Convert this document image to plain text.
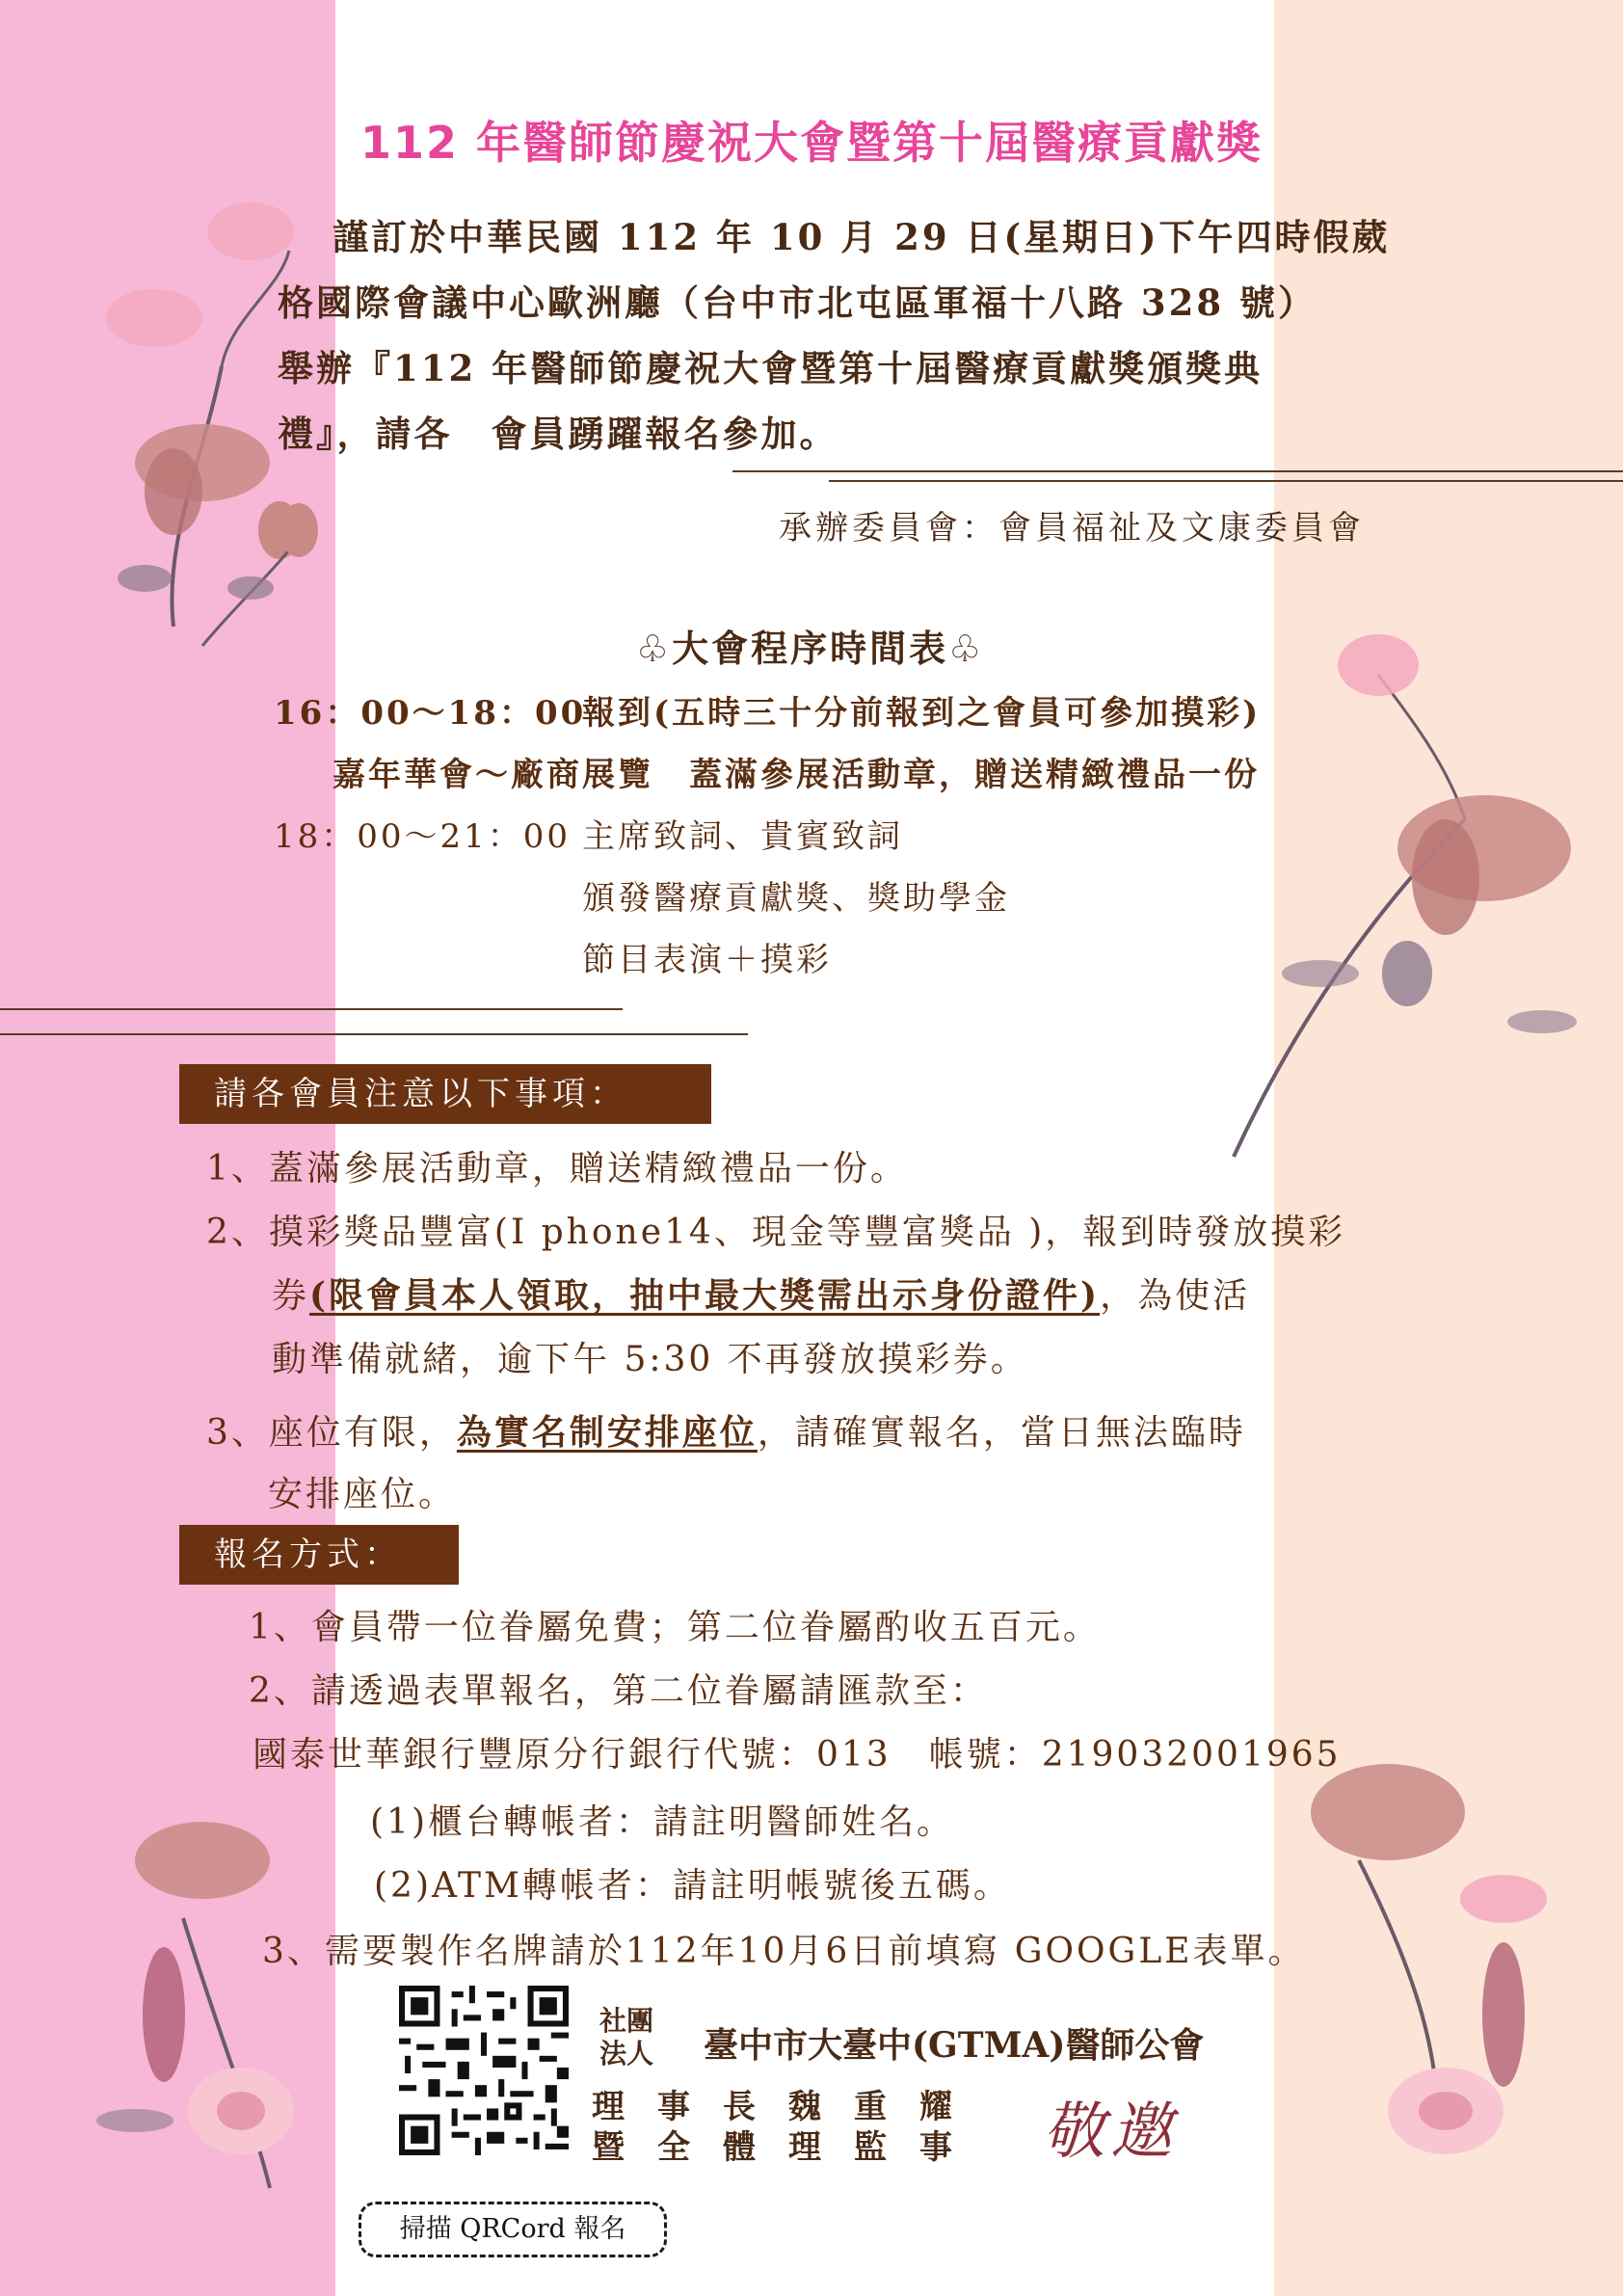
112 年醫師節慶祝大會暨第十屆醫療貢獻獎
謹訂於中華民國 112 年 10 月 29 日(星期日)下午四時假葳
格國際會議中心歐洲廳（台中市北屯區軍福十八路 328 號）
舉辦『112 年醫師節慶祝大會暨第十屆醫療貢獻獎頒獎典
禮』，請各　會員踴躍報名參加。
承辦委員會：會員福祉及文康委員會
♧大會程序時間表♧
16：00～18：00
報到(五時三十分前報到之會員可參加摸彩)
嘉年華會～廠商展覽　蓋滿參展活動章，贈送精緻禮品一份
18：00～21：00 主席致詞、貴賓致詞
頒發醫療貢獻獎、獎助學金
節目表演＋摸彩
請各會員注意以下事項：
1、蓋滿參展活動章，贈送精緻禮品一份。
2、摸彩獎品豐富(I phone14、現金等豐富獎品 )，報到時發放摸彩
券(限會員本人領取，抽中最大獎需出示身份證件)，為使活
動準備就緒，逾下午 5:30 不再發放摸彩券。
3、座位有限，為實名制安排座位，請確實報名，當日無法臨時
安排座位。
報名方式：
1、會員帶一位眷屬免費；第二位眷屬酌收五百元。
2、請透過表單報名，第二位眷屬請匯款至：
國泰世華銀行豐原分行銀行代號：013　帳號：219032001965
(1)櫃台轉帳者：請註明醫師姓名。
(2)ATM轉帳者：請註明帳號後五碼。
3、需要製作名牌請於112年10月6日前填寫 GOOGLE表單。
掃描 QRCord 報名
社團
法人 臺中市大臺中(GTMA)醫師公會
理　事　長　魏　重　耀
暨　全　體　理　監　事 敬邀
